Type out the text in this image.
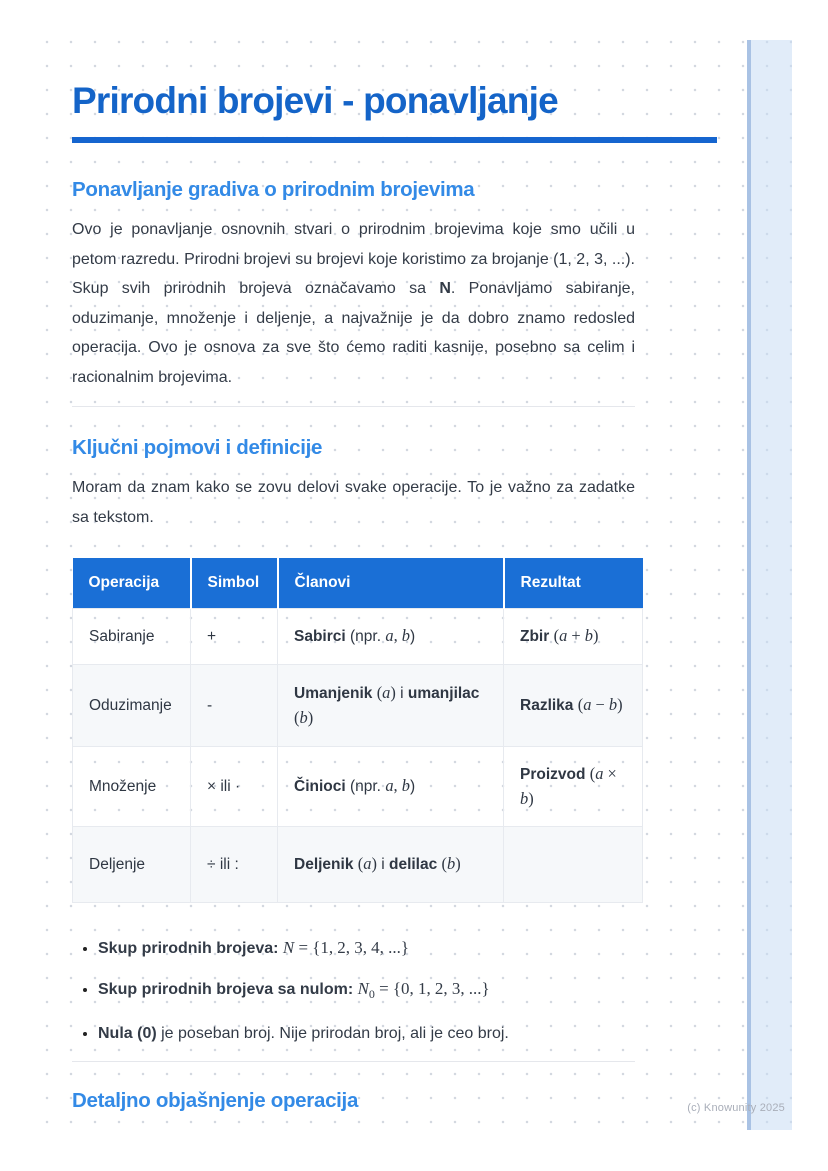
Prirodni brojevi - ponavljanje
Ponavljanje gradiva o prirodnim brojevima

Ovo je ponavljanje osnovnih stvari o prirodnim brojevima koje smo učili u petom razredu. Prirodni brojevi su brojevi koje koristimo za brojanje (1, 2, 3, ...). Skup svih prirodnih brojeva označavamo sa N. Ponavljamo sabiranje, oduzimanje, množenje i deljenje, a najvažnije je da dobro znamo redosled operacija. Ovo je osnova za sve što ćemo raditi kasnije, posebno sa celim i racionalnim brojevima.

Ključni pojmovi i definicije

Moram da znam kako se zovu delovi svake operacije. To je važno za zadatke sa tekstom.

Operacija	Simbol	Članovi	Rezultat
Sabiranje	+	Sabirci (npr. a, b)	Zbir (a + b)
Oduzimanje	-	Umanjenik (a) i umanjilac (b)	Razlika (a − b)
Množenje	× ili ·	Činioci (npr. a, b)	Proizvod (a × b)
Deljenje	÷ ili :	Deljenik (a) i delilac (b)	
• Skup prirodnih brojeva: N = {1, 2, 3, 4, ...}
• Skup prirodnih brojeva sa nulom: $N_0 = \{0$, 1, 2, 3, ...}
• Nula (0) je poseban broj. Nije prirodan broj, ali je ceo broj.
Detaljno objašnjenje operacija	(c) Knowunity 2025
